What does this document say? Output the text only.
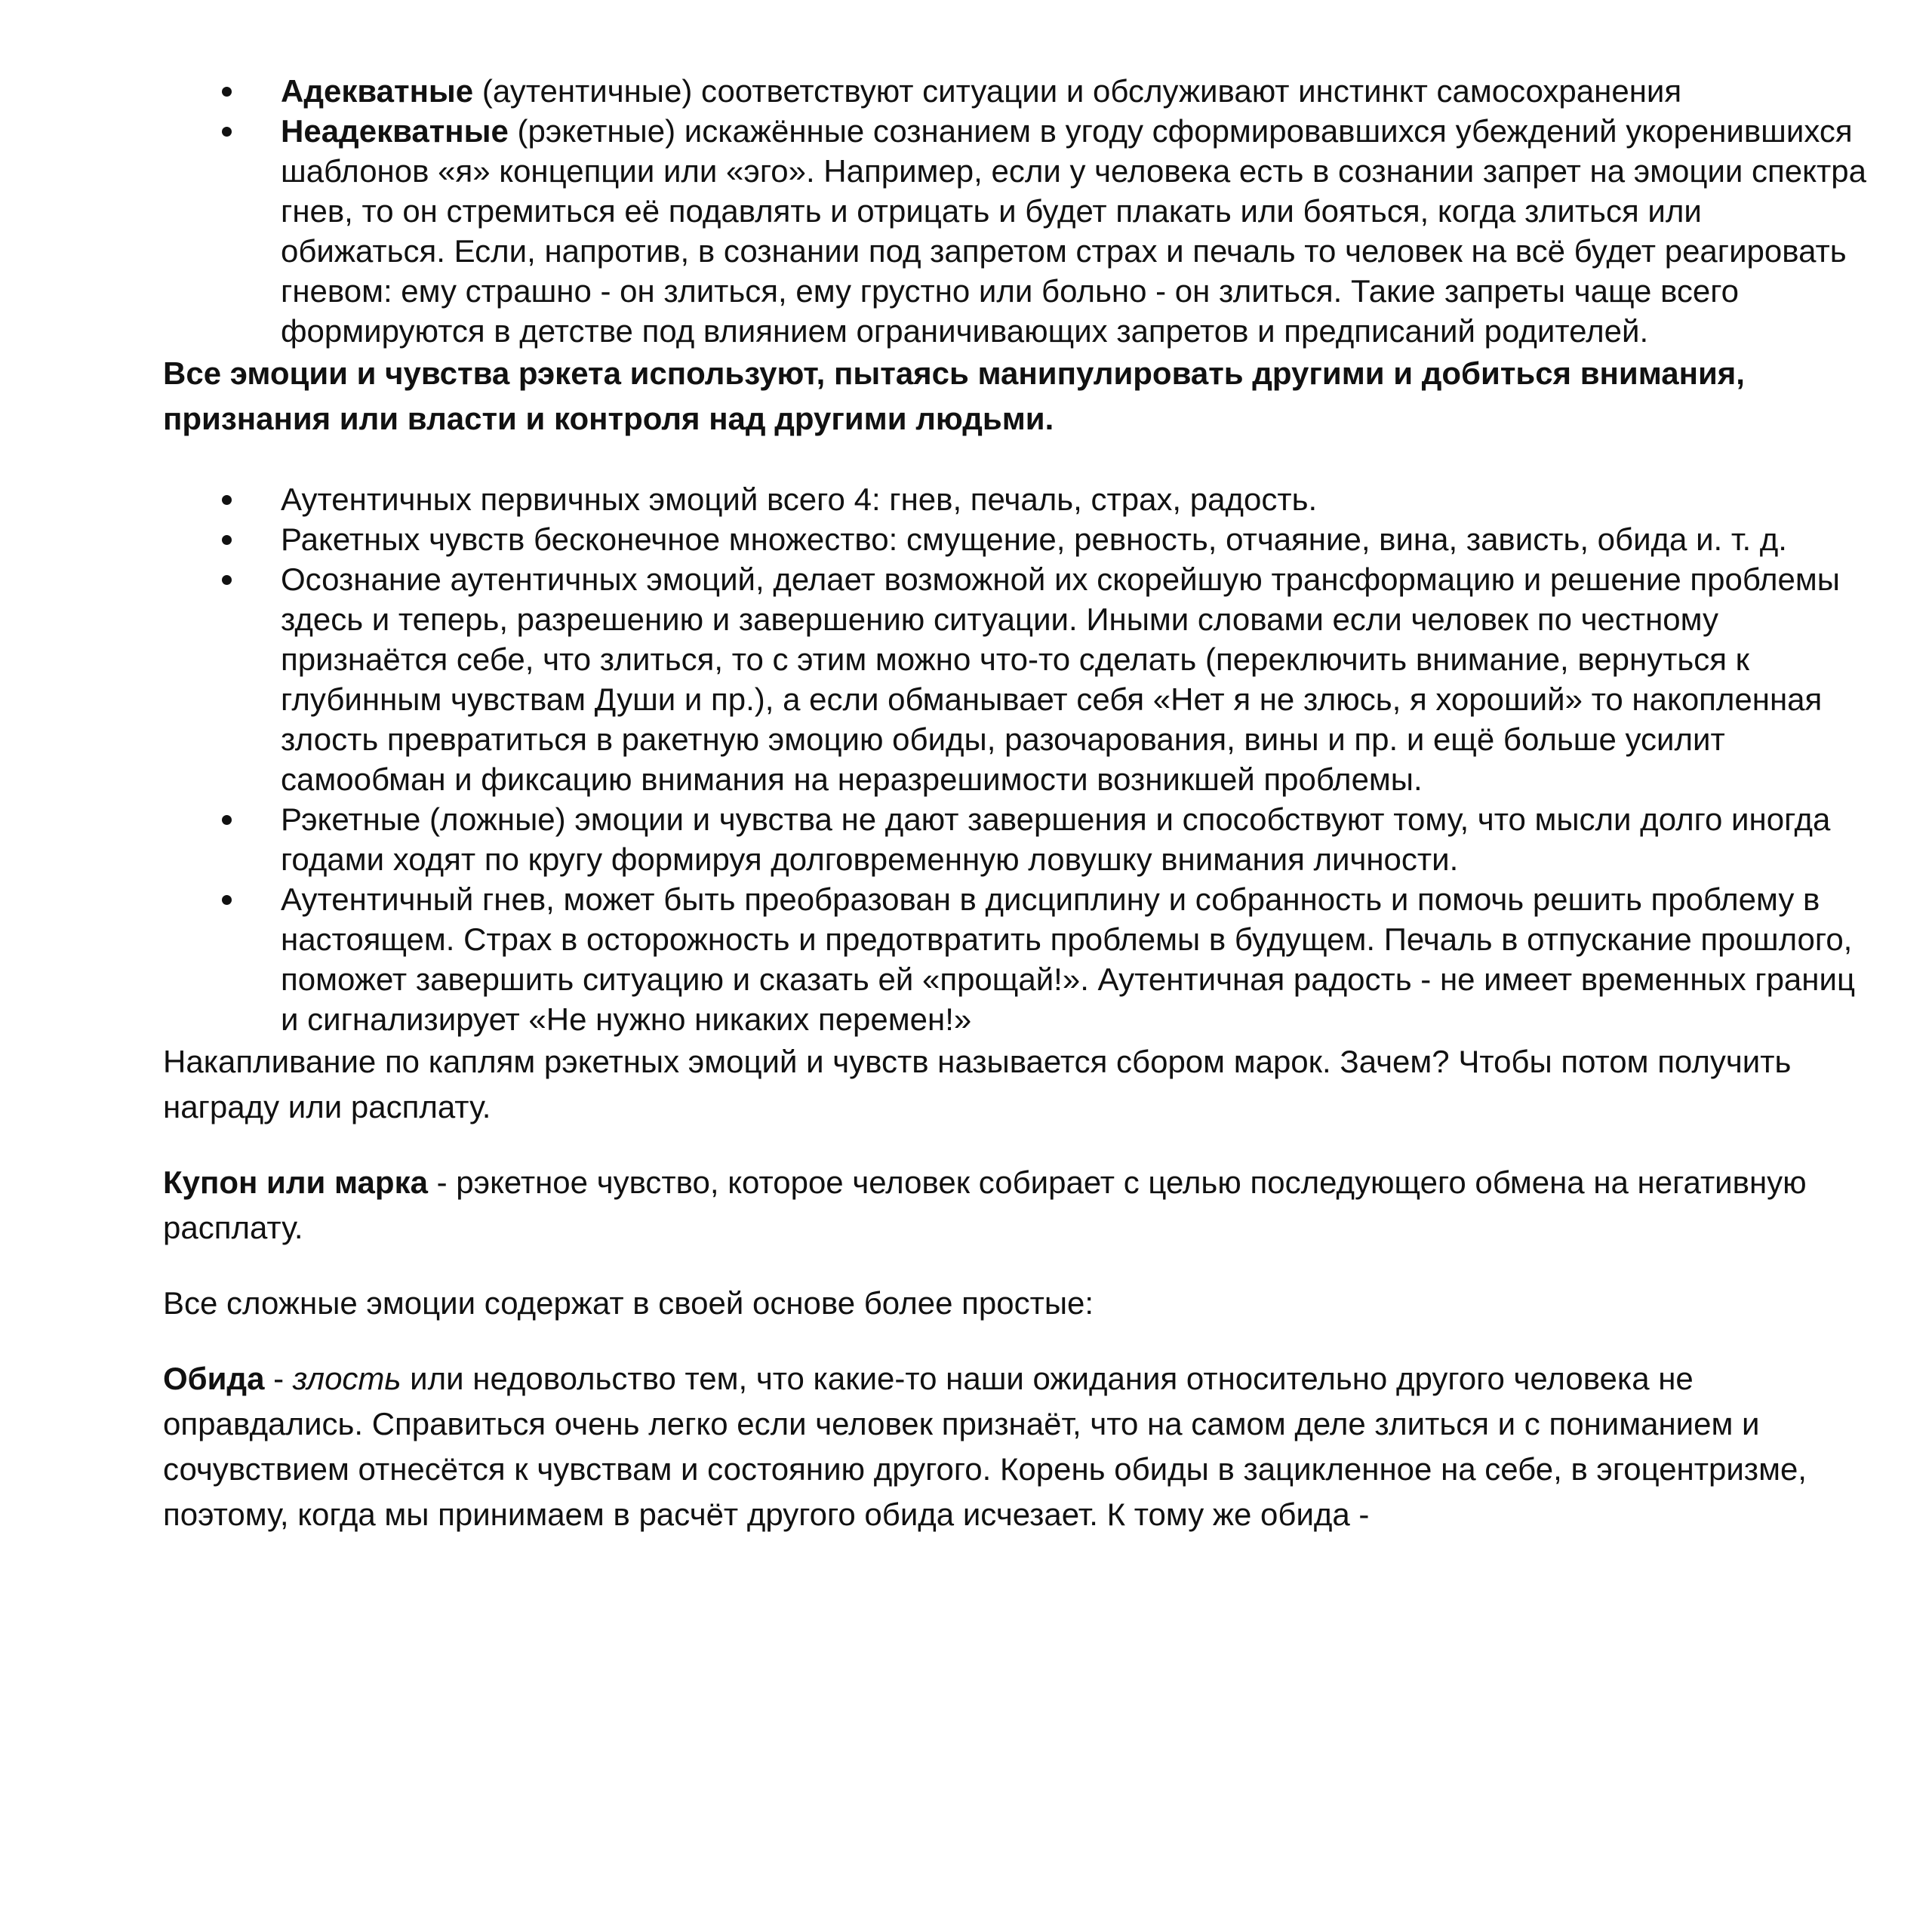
Адекватные (аутентичные) соответствуют ситуации и обслуживают инстинкт самосохранения
Неадекватные (рэкетные) искажённые сознанием в угоду сформировавшихся убеждений укоренившихся шаблонов «я» концепции или «эго». Например, если у человека есть в сознании запрет на эмоции спектра гнев, то он стремиться её подавлять и отрицать и будет плакать или бояться, когда злиться или обижаться. Если, напротив, в сознании под запретом страх и печаль то человек на всё будет реагировать гневом: ему страшно - он злиться, ему грустно или больно - он злиться. Такие запреты чаще всего формируются в детстве под влиянием ограничивающих запретов и предписаний родителей.

Все эмоции и чувства рэкета используют, пытаясь манипулировать другими и добиться внимания, признания или власти и контроля над другими людьми.

Аутентичных первичных эмоций всего 4: гнев, печаль, страх, радость.
Ракетных чувств бесконечное множество: смущение, ревность, отчаяние, вина, зависть, обида и. т. д.
Осознание аутентичных эмоций, делает возможной их скорейшую трансформацию и решение проблемы здесь и теперь, разрешению и завершению ситуации. Иными словами если человек по честному признаётся себе, что злиться, то с этим можно что-то сделать (переключить внимание, вернуться к глубинным чувствам Души и пр.), а если обманывает себя «Нет я не злюсь, я хороший» то накопленная злость превратиться в ракетную эмоцию обиды, разочарования, вины и пр. и ещё больше усилит самообман и фиксацию внимания на неразрешимости возникшей проблемы.
Рэкетные (ложные) эмоции и чувства не дают завершения и способствуют тому, что мысли долго иногда годами ходят по кругу формируя долговременную ловушку внимания личности.
Аутентичный гнев, может быть преобразован в дисциплину и собранность и помочь решить проблему в настоящем. Страх в осторожность и предотвратить проблемы в будущем. Печаль в отпускание прошлого, поможет завершить ситуацию и сказать ей «прощай!». Аутентичная радость - не имеет временных границ и сигнализирует «Не нужно никаких перемен!»

Накапливание по каплям рэкетных эмоций и чувств называется сбором марок. Зачем? Чтобы потом получить награду или расплату.

Купон или марка - рэкетное чувство, которое человек собирает с целью последующего обмена на негативную расплату.

Все сложные эмоции содержат в своей основе более простые:

Обида - злость или недовольство тем, что какие-то наши ожидания относительно другого человека не оправдались. Справиться очень легко если человек признаёт, что на самом деле злиться и с пониманием и сочувствием отнесётся к чувствам и состоянию другого. Корень обиды в зацикленное на себе, в эгоцентризме, поэтому, когда мы принимаем в расчёт другого обида исчезает. К тому же обида -
